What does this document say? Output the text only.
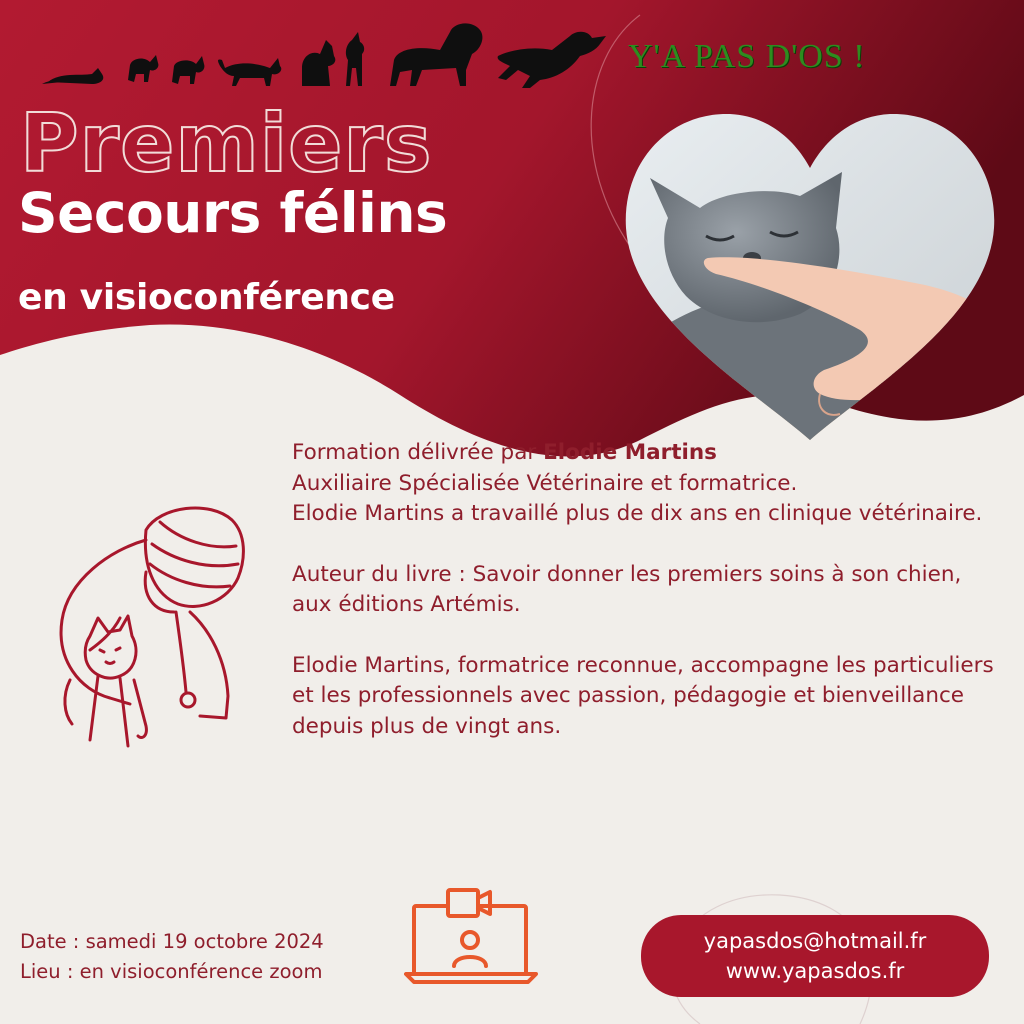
Y'A PAS D'OS !
Premiers
Secours félins
en visioconférence

Formation délivrée par Elodie Martins
Auxiliaire Spécialisée Vétérinaire et formatrice.
Elodie Martins a travaillé plus de dix ans en clinique vétérinaire.

Auteur du livre : Savoir donner les premiers soins à son chien, aux éditions Artémis.

Elodie Martins, formatrice reconnue, accompagne les particuliers et les professionnels avec passion, pédagogie et bienveillance depuis plus de vingt ans.

Date : samedi 19 octobre 2024
Lieu : en visioconférence zoom
yapasdos@hotmail.fr
www.yapasdos.fr
